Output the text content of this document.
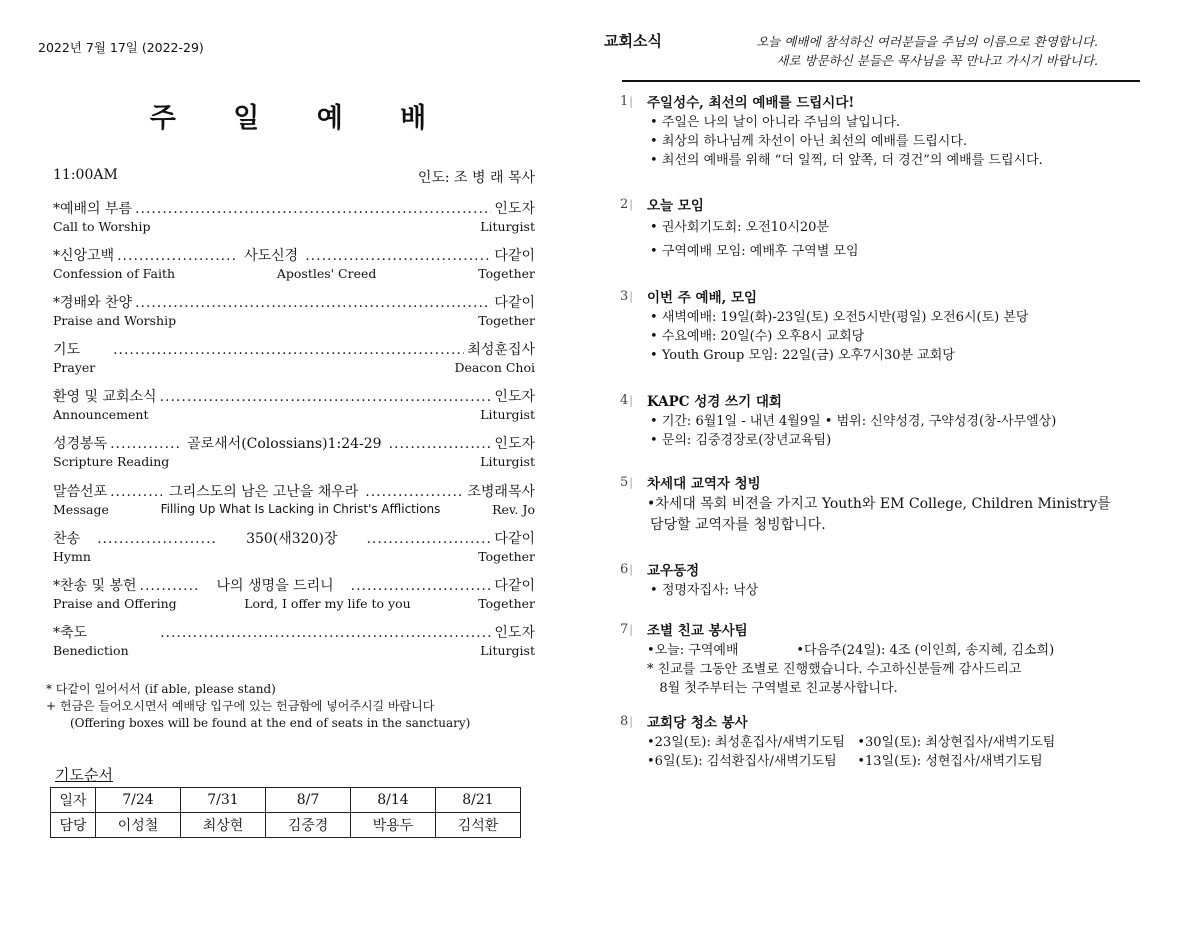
2022년 7월 17일 (2022-29)
주 일 예 배
11:00AM	인도: 조 병 래 목사
*예배의 부름 .....	인도자
Call to Worship	Liturgist
*신앙고백 .....	사도신경 .....	다같이
Confession of Faith	Apostles' Creed	Together
*경배와 찬양 .....	다같이
Praise and Worship	Together
기도 .....	최성훈집사
Prayer	Deacon Choi
환영 및 교회소식 .....	인도자
Announcement	Liturgist
성경봉독 .....	골로새서(Colossians)1:24-29 .....	인도자
Scripture Reading	Liturgist
말씀선포 .....	그리스도의 남은 고난을 채우라 .....	조병래목사
Message	Filling Up What Is Lacking in Christ's Afflictions	Rev. Jo
찬송 .....	350(새320)장 .....	다같이
Hymn	Together
*찬송 및 봉헌 .....	나의 생명을 드리니 .....	다같이
Praise and Offering	Lord, I offer my life to you	Together
*축도 .....	인도자
Benediction	Liturgist
* 다같이 일어서서 (if able, please stand)
+ 헌금은 들어오시면서 예배당 입구에 있는 헌금함에 넣어주시길 바랍니다
(Offering boxes will be found at the end of seats in the sanctuary)
기도순서
일자	7/24	7/31	8/7	8/14	8/21
담당	이성철	최상현	김중경	박용두	김석환
교회소식	오늘 예배에 참석하신 여러분들을 주님의 이름으로 환영합니다.
새로 방문하신 분들은 목사님을 꼭 만나고 가시기 바랍니다.
1 |	주일성수, 최선의 예배를 드립시다!
• 주일은 나의 날이 아니라 주님의 날입니다.
• 최상의 하나님께 차선이 아닌 최선의 예배를 드립시다.
• 최선의 예배를 위해 “더 일찍, 더 앞쪽, 더 경건”의 예배를 드립시다.
2 |	오늘 모임
• 권사회기도회: 오전10시20분
• 구역예배 모임: 예배후 구역별 모임
3 |	이번 주 예배, 모임
• 새벽예배: 19일(화)-23일(토) 오전5시반(평일) 오전6시(토) 본당
• 수요예배: 20일(수) 오후8시 교회당
• Youth Group 모임: 22일(금) 오후7시30분 교회당
4 |	KAPC 성경 쓰기 대회
• 기간: 6월1일 - 내년 4월9일 • 범위: 신약성경, 구약성경(창-사무엘상)
• 문의: 김중경장로(장년교육팀)
5 |	차세대 교역자 청빙
•차세대 목회 비젼을 가지고 Youth와 EM College, Children Ministry를
담당할 교역자를 청빙합니다.
6 |	교우동정
• 정명자집사: 낙상
7 |	조별 친교 봉사팀
•오늘: 구역예배              •다음주(24일): 4조 (이인희, 송지혜, 김소희)
* 친교를 그동안 조별로 진행했습니다. 수고하신분들께 감사드리고
8월 첫주부터는 구역별로 친교봉사합니다.
8 |	교회당 청소 봉사
•23일(토): 최성훈집사/새벽기도팀   •30일(토): 최상현집사/새벽기도팀
•6일(토): 김석환집사/새벽기도팀     •13일(토): 성현집사/새벽기도팀
